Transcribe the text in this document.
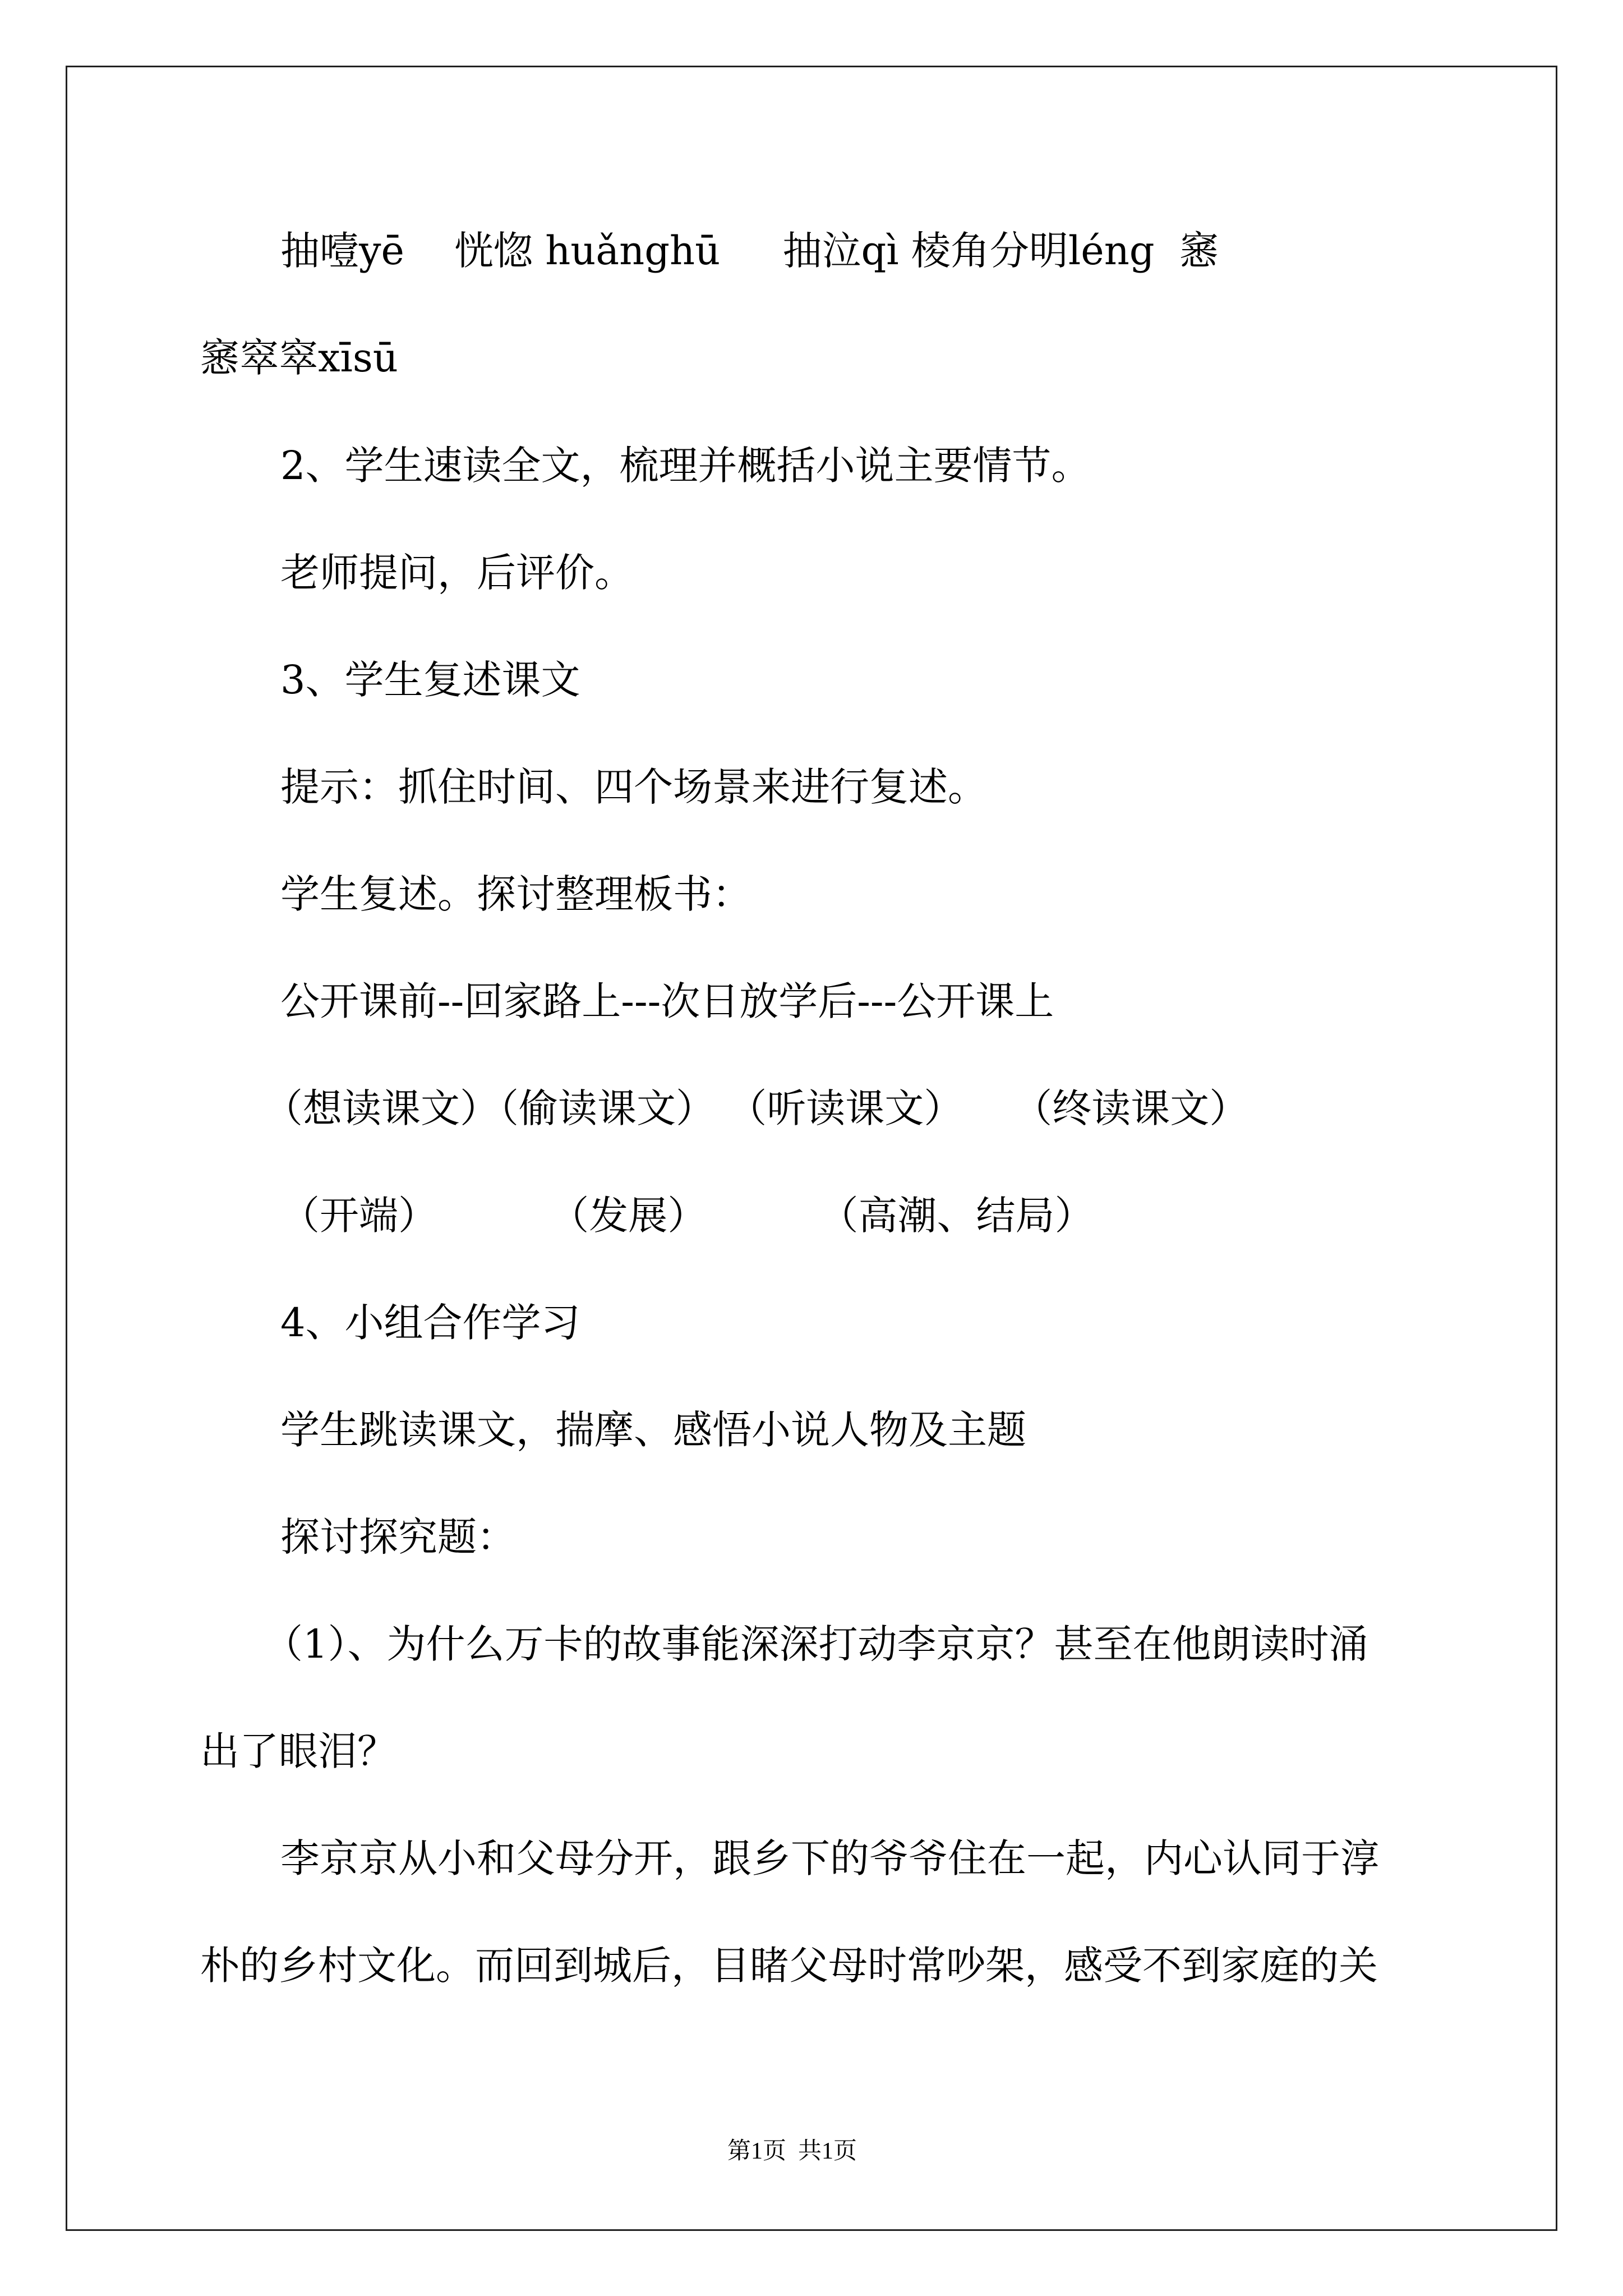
抽噎yē    恍惚 huǎnghū     抽泣qì 棱角分明léng  窸
窸窣窣xīsū
2、学生速读全文，梳理并概括小说主要情节。
老师提问，后评价。
3、学生复述课文
提示：抓住时间、四个场景来进行复述。
学生复述。探讨整理板书：
公开课前--回家路上---次日放学后---公开课上
（想读课文）（偷读课文） （听读课文）    （终读课文）
（开端）         （发展）         （高潮、结局）
4、小组合作学习
学生跳读课文，揣摩、感悟小说人物及主题
探讨探究题：
（1）、为什么万卡的故事能深深打动李京京？甚至在他朗读时涌
出了眼泪？
李京京从小和父母分开，跟乡下的爷爷住在一起，内心认同于淳
朴的乡村文化。而回到城后，目睹父母时常吵架，感受不到家庭的关
第1页  共1页
